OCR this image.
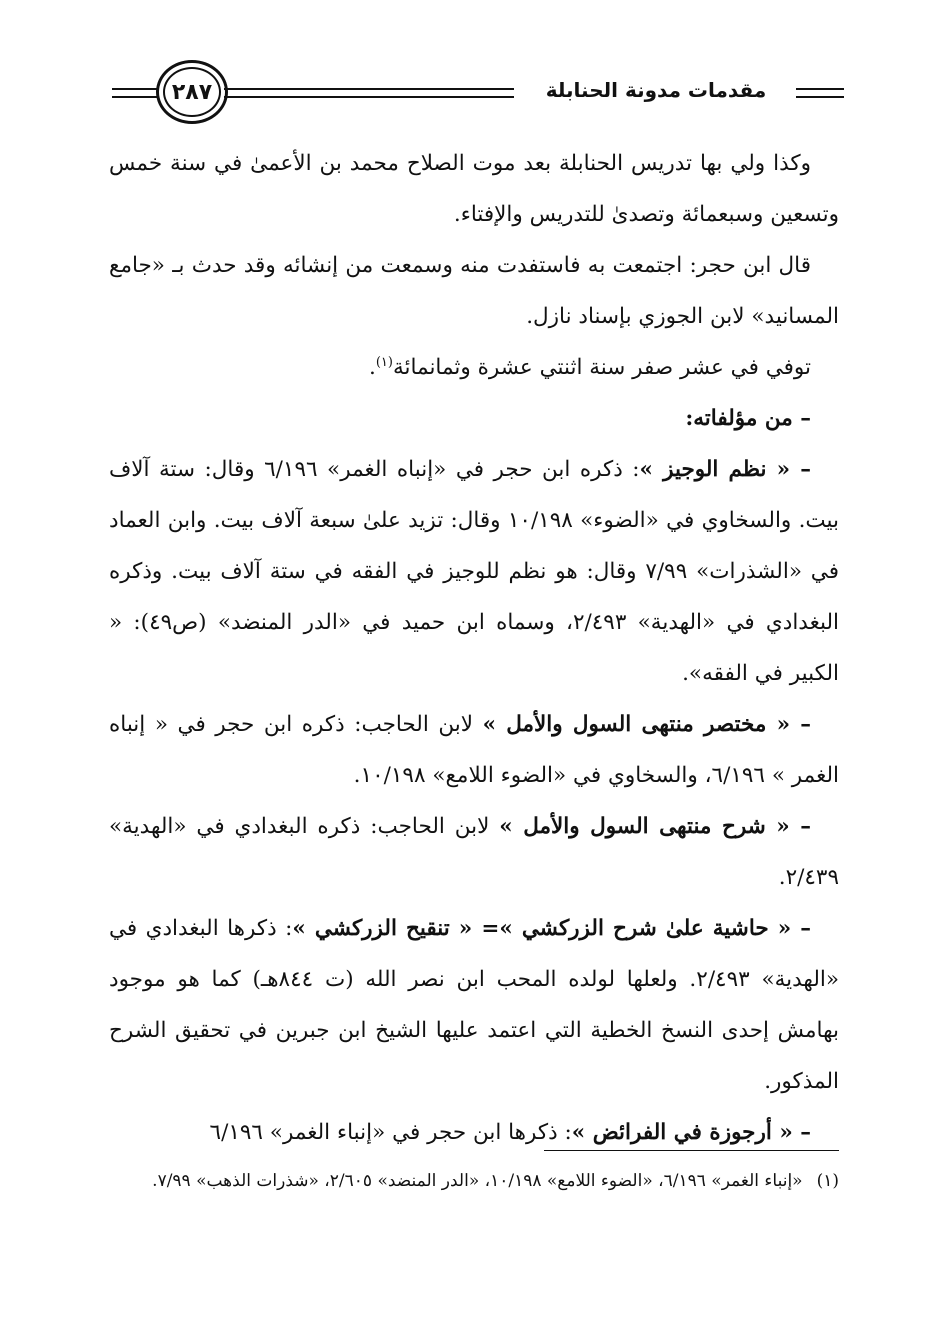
٢٨٧	مقدمات مدونة الحنابلة

وكذا ولي بها تدريس الحنابلة بعد موت الصلاح محمد بن الأعمىٰ في سنة خمس وتسعين وسبعمائة وتصدىٰ للتدريس والإفتاء.

قال ابن حجر: اجتمعت به فاستفدت منه وسمعت من إنشائه وقد حدث بـ «جامع المسانيد» لابن الجوزي بإسناد نازل.

توفي في عشر صفر سنة اثنتي عشرة وثمانمائة$^{(١)}$.

– من مؤلفاته:

– « نظم الوجيز »: ذكره ابن حجر في «إنباه الغمر» ٦/١٩٦ وقال: ستة آلاف بيت. والسخاوي في «الضوء» ١٠/١٩٨ وقال: تزيد علىٰ سبعة آلاف بيت. وابن العماد في «الشذرات» ٧/٩٩ وقال: هو نظم للوجيز في الفقه في ستة آلاف بيت. وذكره البغدادي في «الهدية» ٢/٤٩٣، وسماه ابن حميد في «الدر المنضد» (ص٤٩): « الكبير في الفقه».

– « مختصر منتهى السول والأمل » لابن الحاجب: ذكره ابن حجر في « إنباه الغمر » ٦/١٩٦، والسخاوي في «الضوء اللامع» ١٠/١٩٨.

– « شرح منتهى السول والأمل » لابن الحاجب: ذكره البغدادي في «الهدية» ٢/٤٣٩.

– « حاشية علىٰ شرح الزركشي »= « تنقيح الزركشي »: ذكرها البغدادي في «الهدية» ٢/٤٩٣. ولعلها لولده المحب ابن نصر الله (ت ٨٤٤هـ) كما هو موجود بهامش إحدى النسخ الخطية التي اعتمد عليها الشيخ ابن جبرين في تحقيق الشرح المذكور.

– « أرجوزة في الفرائض »: ذكرها ابن حجر في «إنباء الغمر» ٦/١٩٦

(١)«إنباء الغمر» ٦/١٩٦، «الضوء اللامع» ١٠/١٩٨، «الدر المنضد» ٢/٦٠٥، «شذرات الذهب» ٧/٩٩.
